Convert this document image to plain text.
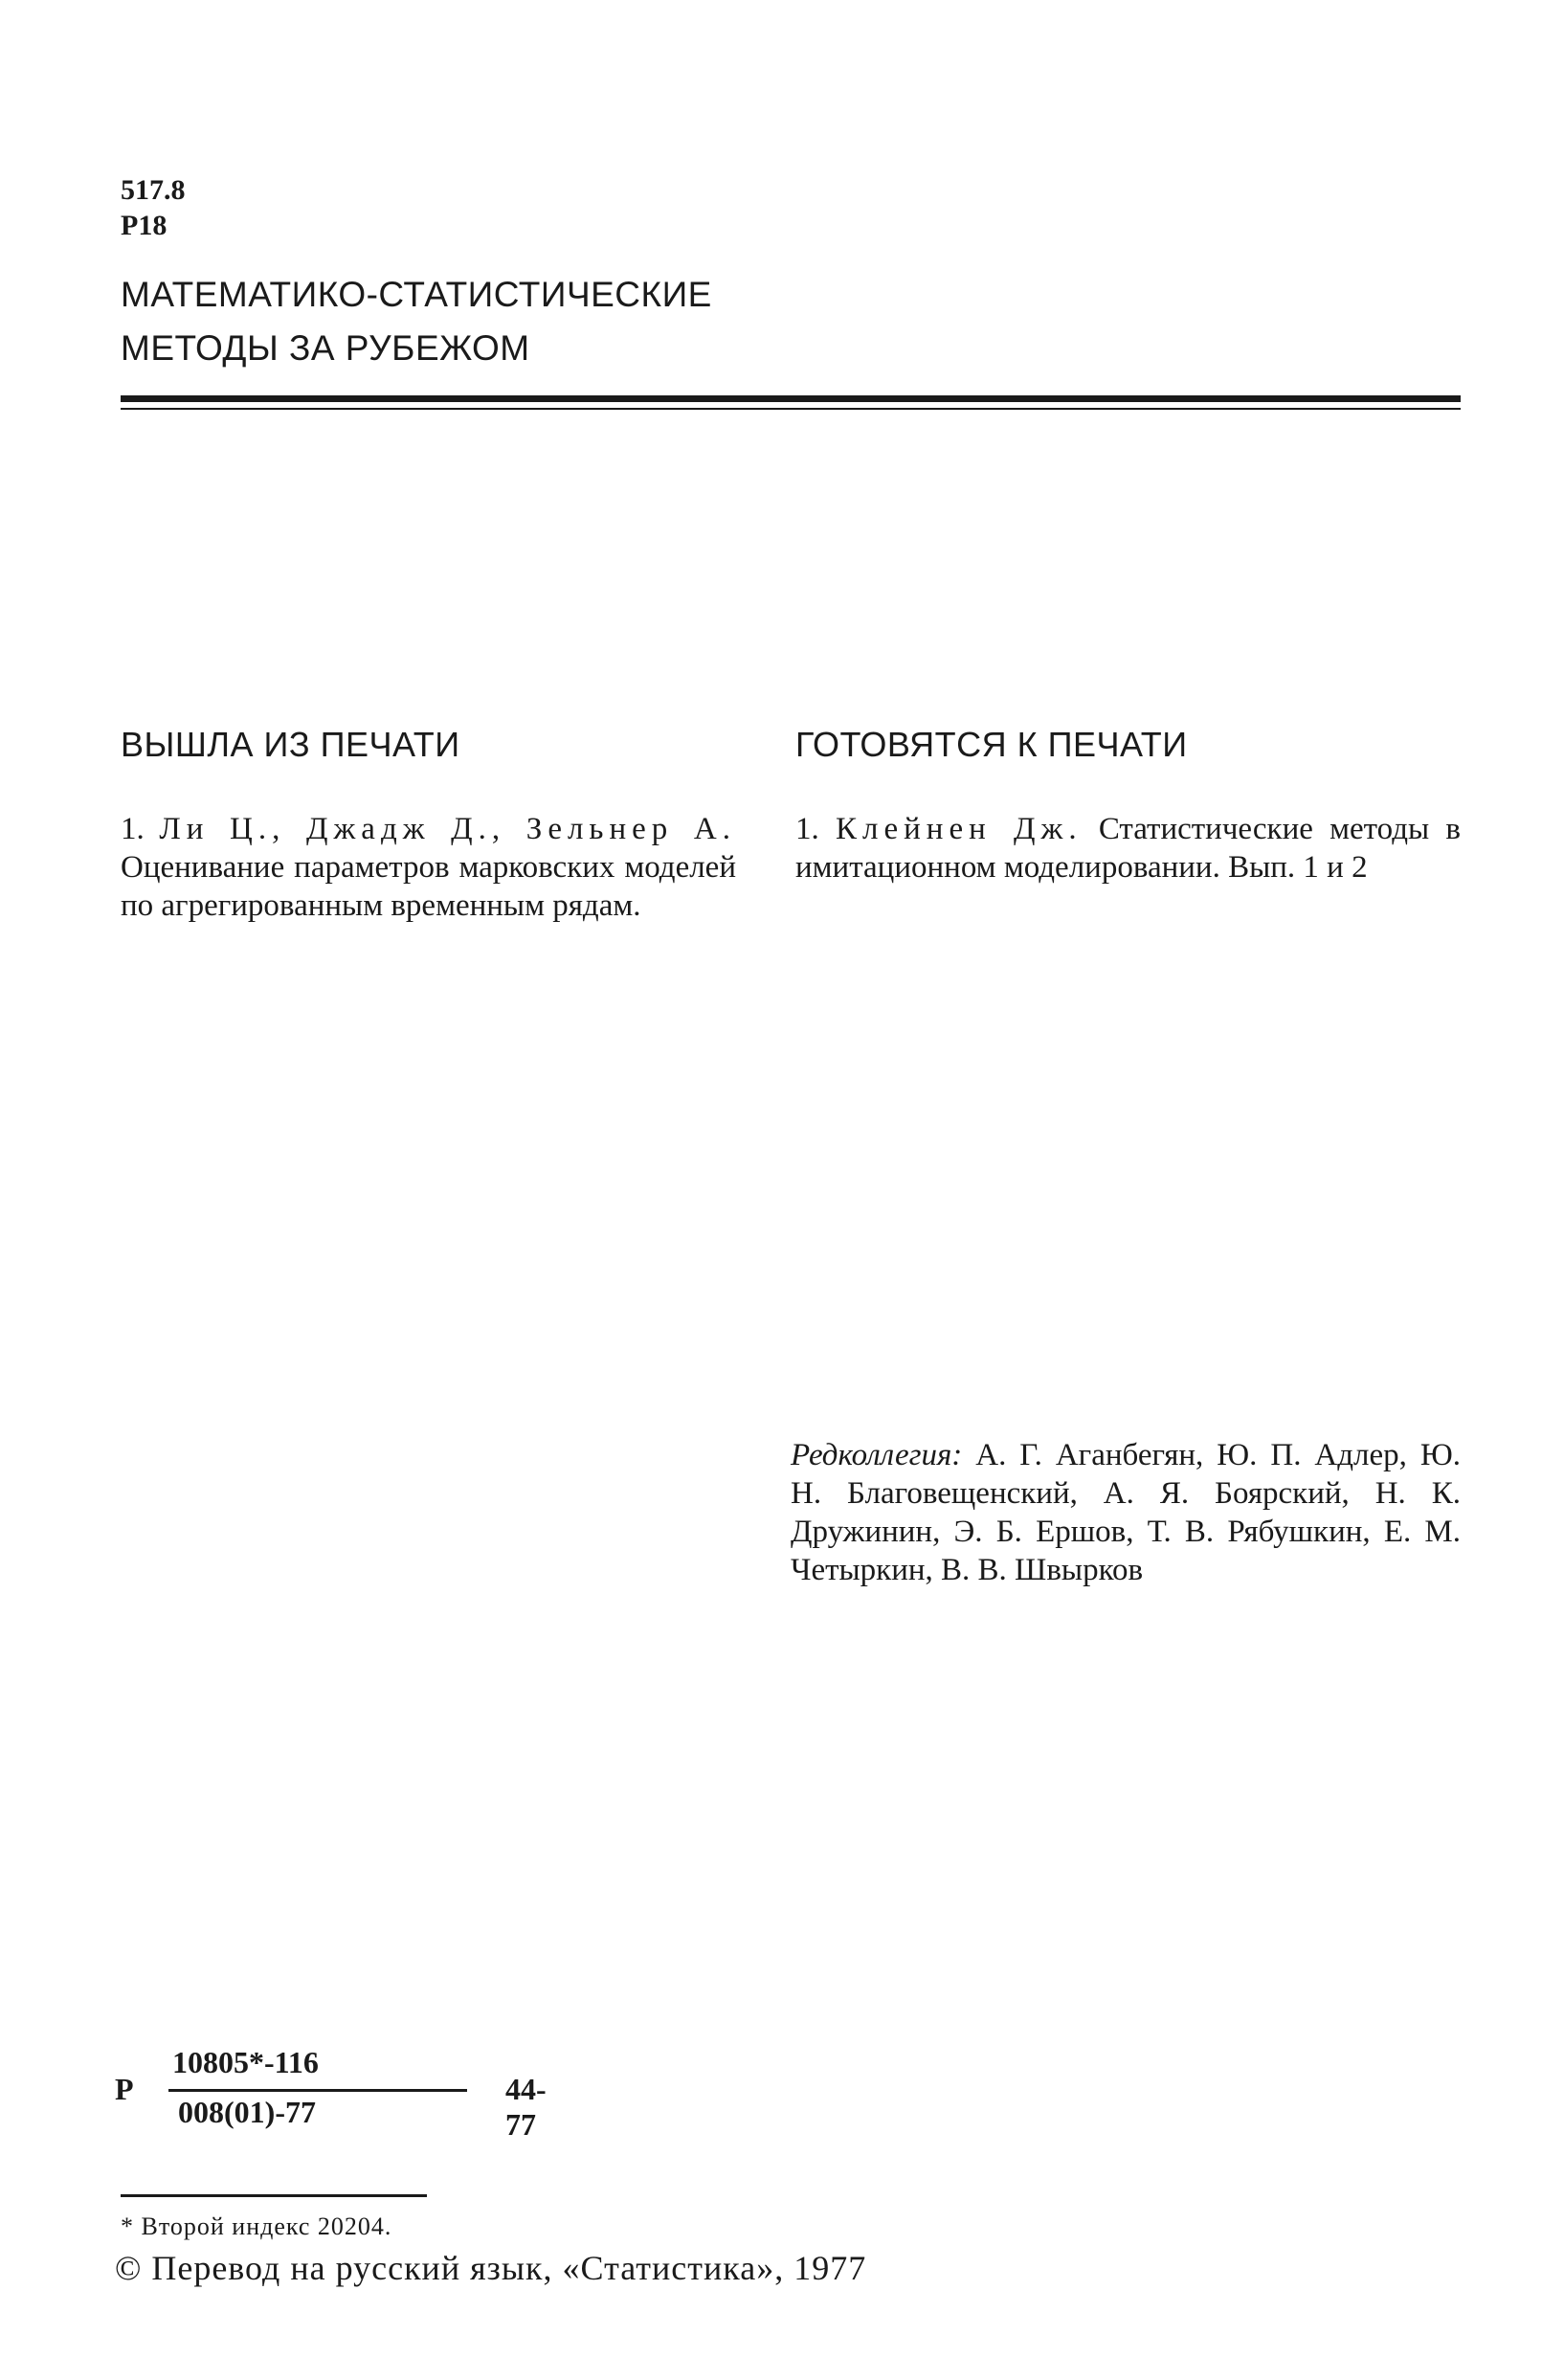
517.8
Р18
МАТЕМАТИКО-СТАТИСТИЧЕСКИЕ
МЕТОДЫ ЗА РУБЕЖОМ
ВЫШЛА ИЗ ПЕЧАТИ	ГОТОВЯТСЯ К ПЕЧАТИ
1. Ли Ц., Джадж Д., Зельнер А. Оценивание параметров марковских моделей по агрегированным временным рядам.
1. Клейнен Дж. Статистические методы в имитационном моделировании. Вып. 1 и 2
Редколлегия: А. Г. Аганбегян, Ю. П. Адлер, Ю. Н. Благовещенский, А. Я. Боярский, Н. К. Дружинин, Э. Б. Ершов, Т. В. Рябушкин, Е. М. Четыркин, В. В. Швырков
Р
10805*-116
008(01)-77
44-77
* Второй индекс 20204.
© Перевод на русский язык, «Статистика», 1977
